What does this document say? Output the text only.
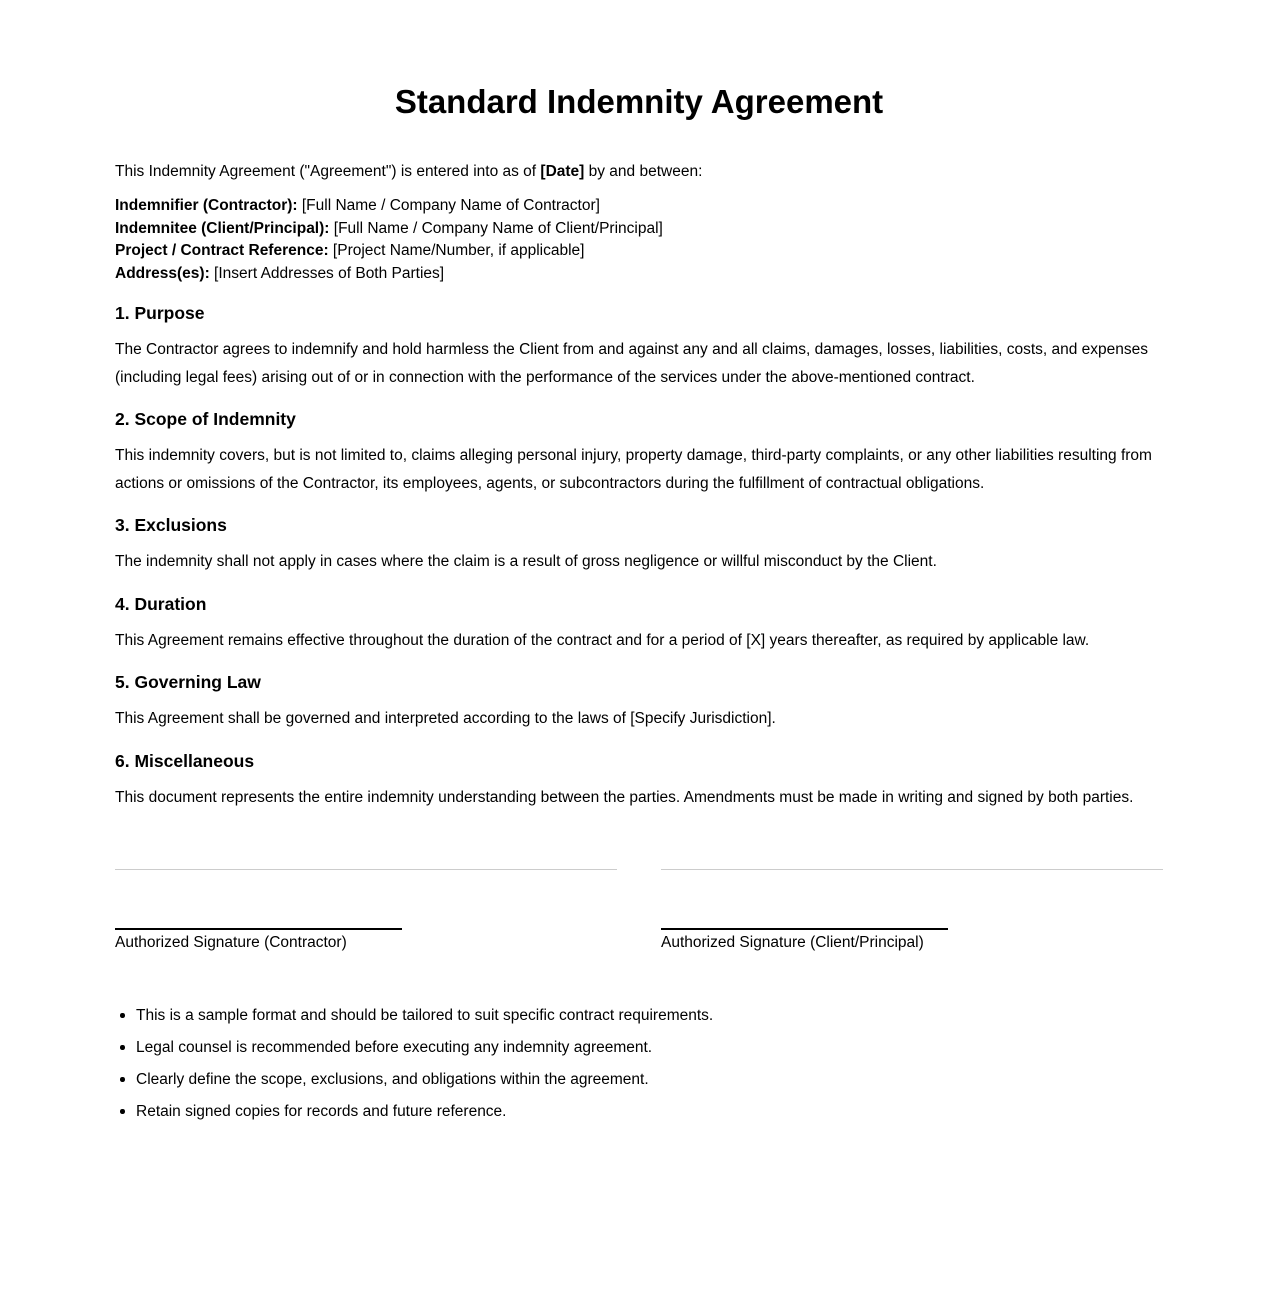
Standard Indemnity Agreement

This Indemnity Agreement ("Agreement") is entered into as of [Date] by and between:

Indemnifier (Contractor): [Full Name / Company Name of Contractor]
Indemnitee (Client/Principal): [Full Name / Company Name of Client/Principal]
Project / Contract Reference: [Project Name/Number, if applicable]
Address(es): [Insert Addresses of Both Parties]

1. Purpose

The Contractor agrees to indemnify and hold harmless the Client from and against any and all claims, damages, losses, liabilities, costs, and expenses (including legal fees) arising out of or in connection with the performance of the services under the above-mentioned contract.

2. Scope of Indemnity

This indemnity covers, but is not limited to, claims alleging personal injury, property damage, third-party complaints, or any other liabilities resulting from actions or omissions of the Contractor, its employees, agents, or subcontractors during the fulfillment of contractual obligations.

3. Exclusions

The indemnity shall not apply in cases where the claim is a result of gross negligence or willful misconduct by the Client.

4. Duration

This Agreement remains effective throughout the duration of the contract and for a period of [X] years thereafter, as required by applicable law.

5. Governing Law

This Agreement shall be governed and interpreted according to the laws of [Specify Jurisdiction].

6. Miscellaneous

This document represents the entire indemnity understanding between the parties. Amendments must be made in writing and signed by both parties.

Authorized Signature (Contractor)	Authorized Signature (Client/Principal)
This is a sample format and should be tailored to suit specific contract requirements.
Legal counsel is recommended before executing any indemnity agreement.
Clearly define the scope, exclusions, and obligations within the agreement.
Retain signed copies for records and future reference.
